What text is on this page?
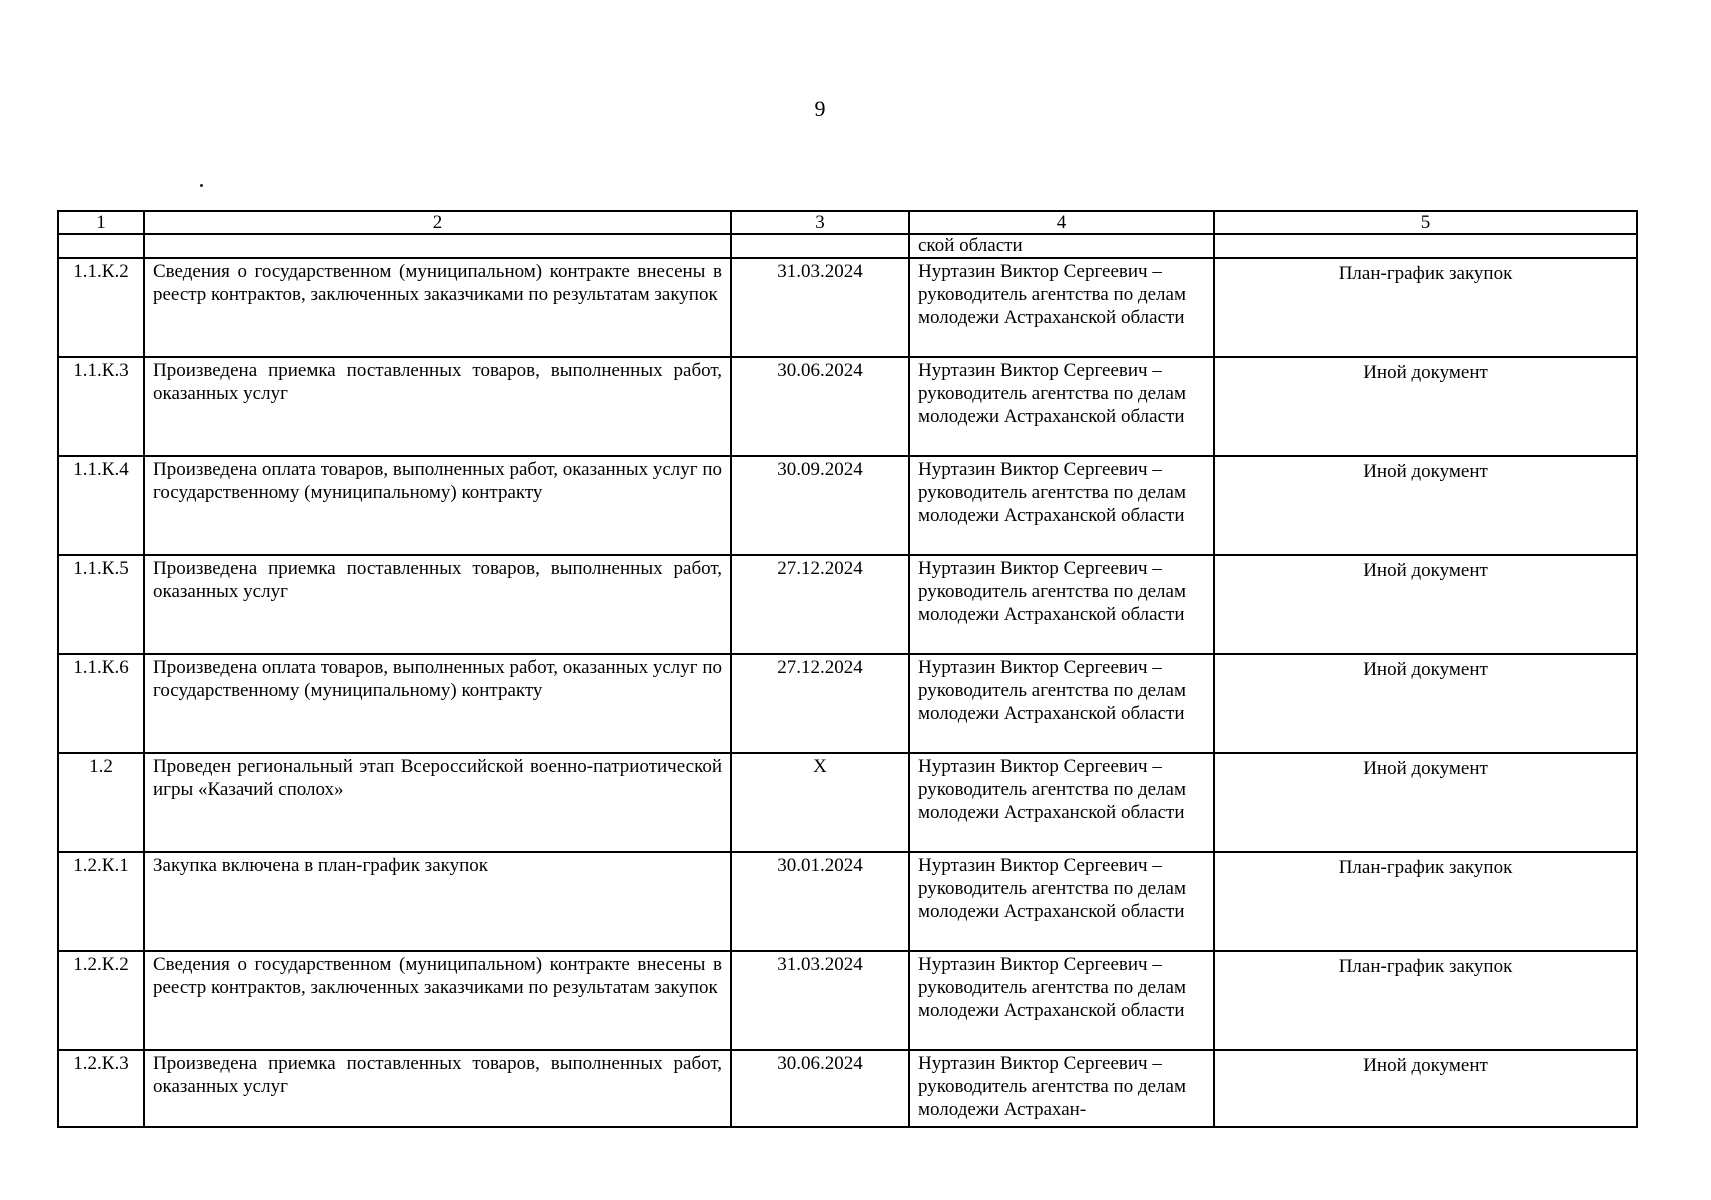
9
1	2	3	4	5
			ской области	
1.1.К.2	Сведения о государственном (муниципальном) контракте внесены в реестр контрактов, заключенных заказчиками по результатам закупок	31.03.2024	Нуртазин Виктор Сергеевич – руководитель агентства по делам молодежи Астраханской области	План-график закупок
1.1.К.3	Произведена приемка поставленных товаров, выполненных работ, оказанных услуг	30.06.2024	Нуртазин Виктор Сергеевич – руководитель агентства по делам молодежи Астраханской области	Иной документ
1.1.К.4	Произведена оплата товаров, выполненных работ, оказанных услуг по государственному (муниципальному) контракту	30.09.2024	Нуртазин Виктор Сергеевич – руководитель агентства по делам молодежи Астраханской области	Иной документ
1.1.К.5	Произведена приемка поставленных товаров, выполненных работ, оказанных услуг	27.12.2024	Нуртазин Виктор Сергеевич – руководитель агентства по делам молодежи Астраханской области	Иной документ
1.1.К.6	Произведена оплата товаров, выполненных работ, оказанных услуг по государственному (муниципальному) контракту	27.12.2024	Нуртазин Виктор Сергеевич – руководитель агентства по делам молодежи Астраханской области	Иной документ
1.2	Проведен региональный этап Всероссийской военно-патриотической игры «Казачий сполох»	X	Нуртазин Виктор Сергеевич – руководитель агентства по делам молодежи Астраханской области	Иной документ
1.2.К.1	Закупка включена в план-график закупок	30.01.2024	Нуртазин Виктор Сергеевич – руководитель агентства по делам молодежи Астраханской области	План-график закупок
1.2.К.2	Сведения о государственном (муниципальном) контракте внесены в реестр контрактов, заключенных заказчиками по результатам закупок	31.03.2024	Нуртазин Виктор Сергеевич – руководитель агентства по делам молодежи Астраханской области	План-график закупок
1.2.К.3	Произведена приемка поставленных товаров, выполненных работ, оказанных услуг	30.06.2024	Нуртазин Виктор Сергеевич – руководитель агентства по делам молодежи Астрахан-	Иной документ
